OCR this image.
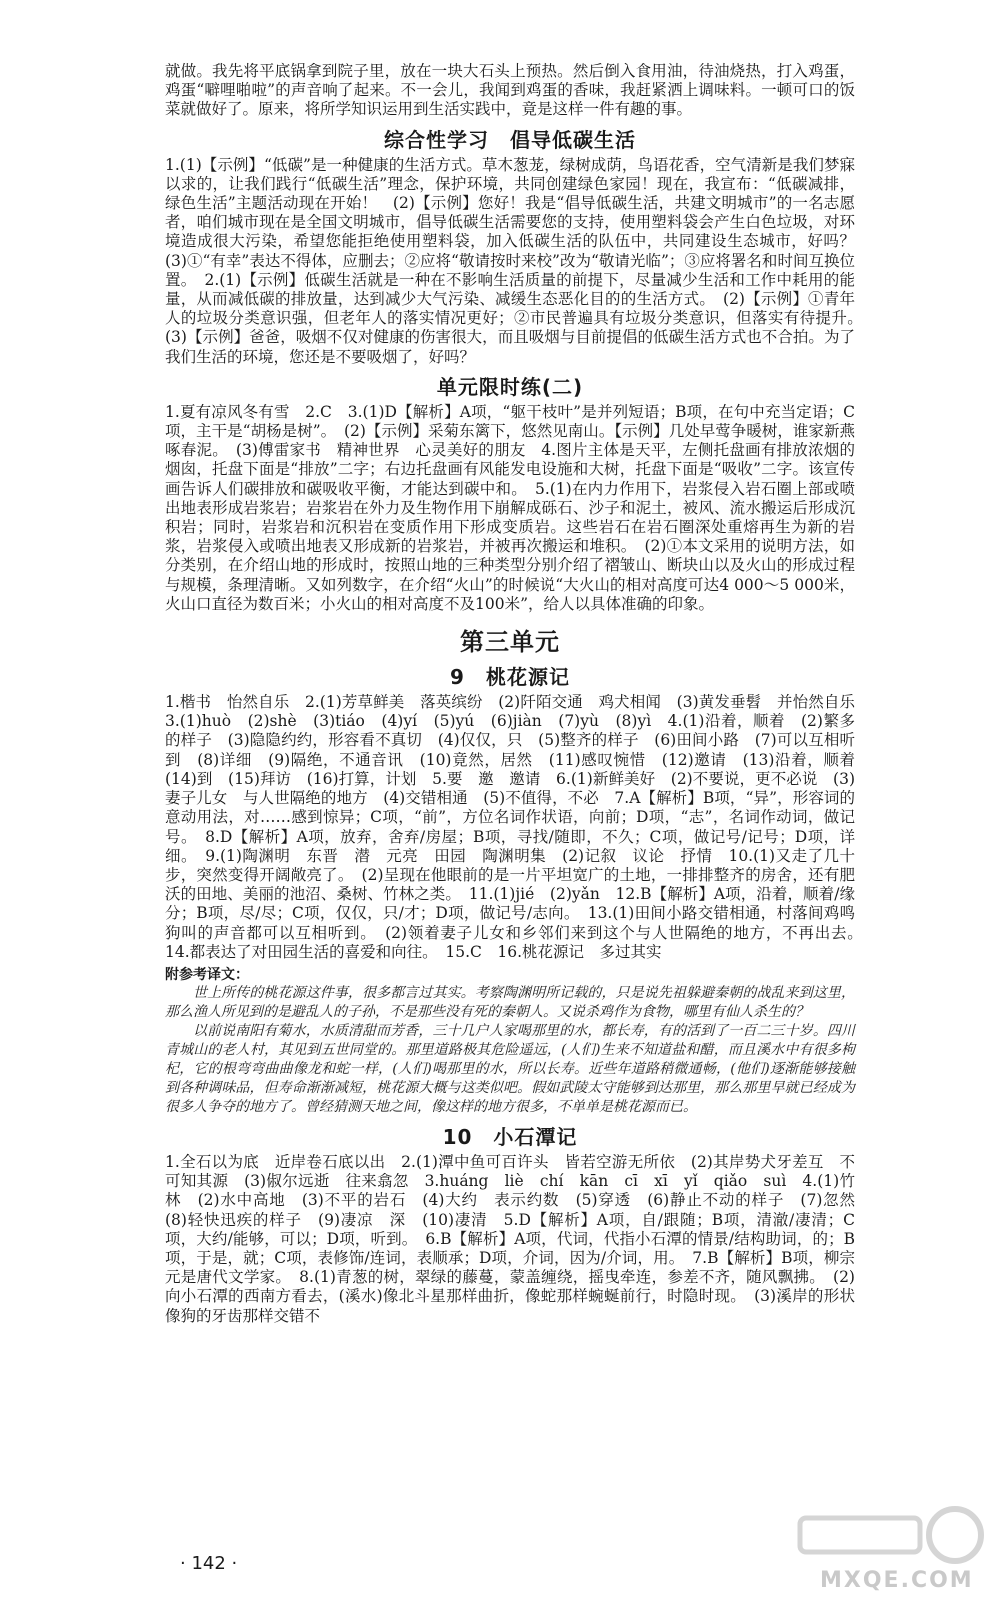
就做。我先将平底锅拿到院子里，放在一块大石头上预热。然后倒入食用油，待油烧热，打入鸡蛋，鸡蛋“噼哩啪啦”的声音响了起来。不一会儿，我闻到鸡蛋的香味，我赶紧洒上调味料。一顿可口的饭菜就做好了。原来，将所学知识运用到生活实践中，竟是这样一件有趣的事。

综合性学习　倡导低碳生活

1.(1)【示例】“低碳”是一种健康的生活方式。草木葱茏，绿树成荫，鸟语花香，空气清新是我们梦寐以求的，让我们践行“低碳生活”理念，保护环境，共同创建绿色家园！现在，我宣布：“低碳减排，绿色生活”主题活动现在开始！　(2)【示例】您好！我是“倡导低碳生活，共建文明城市”的一名志愿者，咱们城市现在是全国文明城市，倡导低碳生活需要您的支持，使用塑料袋会产生白色垃圾，对环境造成很大污染，希望您能拒绝使用塑料袋，加入低碳生活的队伍中，共同建设生态城市，好吗？(3)①“有幸”表达不得体，应删去；②应将“敬请按时来校”改为“敬请光临”；③应将署名和时间互换位置。　2.(1)【示例】低碳生活就是一种在不影响生活质量的前提下，尽量减少生活和工作中耗用的能量，从而减低碳的排放量，达到减少大气污染、减缓生态恶化目的的生活方式。　(2)【示例】①青年人的垃圾分类意识强，但老年人的落实情况更好；②市民普遍具有垃圾分类意识，但落实有待提升。　(3)【示例】爸爸，吸烟不仅对健康的伤害很大，而且吸烟与目前提倡的低碳生活方式也不合拍。为了我们生活的环境，您还是不要吸烟了，好吗？

单元限时练(二)

1.夏有凉风冬有雪　2.C　3.(1)D【解析】A项，“躯干枝叶”是并列短语；B项，在句中充当定语；C项，主干是“胡杨是树”。　(2)【示例】采菊东篱下，悠然见南山。【示例】几处早莺争暖树，谁家新燕啄春泥。　(3)傅雷家书　精神世界　心灵美好的朋友　4.图片主体是天平，左侧托盘画有排放浓烟的烟囱，托盘下面是“排放”二字；右边托盘画有风能发电设施和大树，托盘下面是“吸收”二字。该宣传画告诉人们碳排放和碳吸收平衡，才能达到碳中和。　5.(1)在内力作用下，岩浆侵入岩石圈上部或喷出地表形成岩浆岩；岩浆岩在外力及生物作用下崩解成砾石、沙子和泥土，被风、流水搬运后形成沉积岩；同时，岩浆岩和沉积岩在变质作用下形成变质岩。这些岩石在岩石圈深处重熔再生为新的岩浆，岩浆侵入或喷出地表又形成新的岩浆岩，并被再次搬运和堆积。　(2)①本文采用的说明方法，如分类别，在介绍山地的形成时，按照山地的三种类型分别介绍了褶皱山、断块山以及火山的形成过程与规模，条理清晰。又如列数字，在介绍“火山”的时候说“大火山的相对高度可达4 000～5 000米，火山口直径为数百米；小火山的相对高度不及100米”，给人以具体准确的印象。

第三单元
9　桃花源记

1.楷书　怡然自乐　2.(1)芳草鲜美　落英缤纷　(2)阡陌交通　鸡犬相闻　(3)黄发垂髫　并怡然自乐　3.(1)huò　(2)shè　(3)tiáo　(4)yí　(5)yú　(6)jiàn　(7)yù　(8)yì　4.(1)沿着，顺着　(2)繁多的样子　(3)隐隐约约，形容看不真切　(4)仅仅，只　(5)整齐的样子　(6)田间小路　(7)可以互相听到　(8)详细　(9)隔绝，不通音讯　(10)竟然，居然　(11)感叹惋惜　(12)邀请　(13)沿着，顺着　(14)到　(15)拜访　(16)打算，计划　5.要　邀　邀请　6.(1)新鲜美好　(2)不要说，更不必说　(3)妻子儿女　与人世隔绝的地方　(4)交错相通　(5)不值得，不必　7.A【解析】B项，“异”，形容词的意动用法，对……感到惊异；C项，“前”，方位名词作状语，向前；D项，“志”，名词作动词，做记号。　8.D【解析】A项，放弃，舍弃/房屋；B项，寻找/随即，不久；C项，做记号/记号；D项，详细。　9.(1)陶渊明　东晋　潜　元亮　田园　陶渊明集　(2)记叙　议论　抒情　10.(1)又走了几十步，突然变得开阔敞亮了。　(2)呈现在他眼前的是一片平坦宽广的土地，一排排整齐的房舍，还有肥沃的田地、美丽的池沼、桑树、竹林之类。　11.(1)jié　(2)yǎn　12.B【解析】A项，沿着，顺着/缘分；B项，尽/尽；C项，仅仅，只/才；D项，做记号/志向。　13.(1)田间小路交错相通，村落间鸡鸣狗叫的声音都可以互相听到。　(2)领着妻子儿女和乡邻们来到这个与人世隔绝的地方，不再出去。　14.都表达了对田园生活的喜爱和向往。　15.C　16.桃花源记　多过其实

附参考译文：

世上所传的桃花源这件事，很多都言过其实。考察陶渊明所记载的，只是说先祖躲避秦朝的战乱来到这里，那么渔人所见到的是避乱人的子孙，不是那些没有死的秦朝人。又说杀鸡作为食物，哪里有仙人杀生的？

以前说南阳有菊水，水质清甜而芳香，三十几户人家喝那里的水，都长寿，有的活到了一百二三十岁。四川青城山的老人村，其见到五世同堂的。那里道路极其危险遥远，(人们)生来不知道盐和醋，而且溪水中有很多枸杞，它的根弯弯曲曲像龙和蛇一样，(人们)喝那里的水，所以长寿。近些年道路稍微通畅，(他们)逐渐能够接触到各种调味品，但寿命渐渐减短，桃花源大概与这类似吧。假如武陵太守能够到达那里，那么那里早就已经成为很多人争夺的地方了。曾经猜测天地之间，像这样的地方很多，不单单是桃花源而已。

10　小石潭记

1.全石以为底　近岸卷石底以出　2.(1)潭中鱼可百许头　皆若空游无所依　(2)其岸势犬牙差互　不可知其源　(3)俶尔远逝　往来翕忽　3.huáng　liè　chí　kān　cī　xī　yǐ　qiǎo　suì　4.(1)竹林　(2)水中高地　(3)不平的岩石　(4)大约　表示约数　(5)穿透　(6)静止不动的样子　(7)忽然　(8)轻快迅疾的样子　(9)凄凉　深　(10)凄清　5.D【解析】A项，自/跟随；B项，清澈/凄清；C项，大约/能够，可以；D项，听到。　6.B【解析】A项，代词，代指小石潭的情景/结构助词，的；B项，于是，就；C项，表修饰/连词，表顺承；D项，介词，因为/介词，用。　7.B【解析】B项，柳宗元是唐代文学家。　8.(1)青葱的树，翠绿的藤蔓，蒙盖缠绕，摇曳牵连，参差不齐，随风飘拂。　(2)向小石潭的西南方看去，(溪水)像北斗星那样曲折，像蛇那样蜿蜒前行，时隐时现。　(3)溪岸的形状像狗的牙齿那样交错不

· 142 ·
MXQE.COM
